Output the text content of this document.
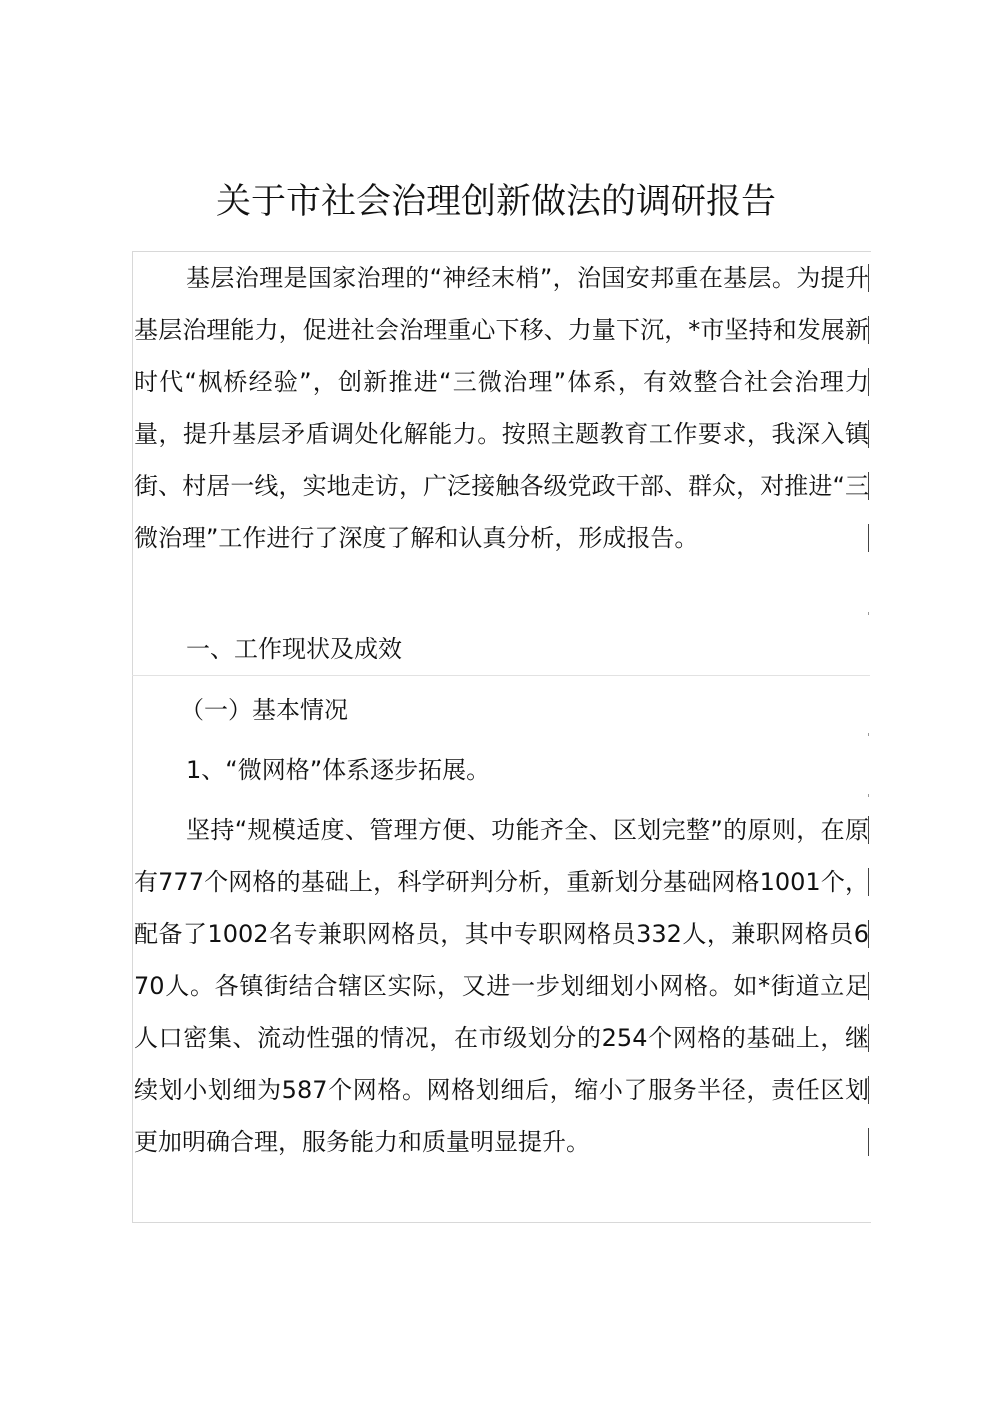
关于市社会治理创新做法的调研报告

基层治理是国家治理的“神经末梢”，治国安邦重在基层。为提升基层治理能力，促进社会治理重心下移、力量下沉，*市坚持和发展新时代“枫桥经验”，创新推进“三微治理”体系，有效整合社会治理力量，提升基层矛盾调处化解能力。按照主题教育工作要求，我深入镇街、村居一线，实地走访，广泛接触各级党政干部、群众，对推进“三微治理”工作进行了深度了解和认真分析，形成报告。

一、工作现状及成效
（一）基本情况
1、“微网格”体系逐步拓展。

坚持“规模适度、管理方便、功能齐全、区划完整”的原则，在原有777个网格的基础上，科学研判分析，重新划分基础网格1001个，配备了1002名专兼职网格员，其中专职网格员332人，兼职网格员670人。各镇街结合辖区实际，又进一步划细划小网格。如*街道立足人口密集、流动性强的情况，在市级划分的254个网格的基础上，继续划小划细为587个网格。网格划细后，缩小了服务半径，责任区划更加明确合理，服务能力和质量明显提升。
